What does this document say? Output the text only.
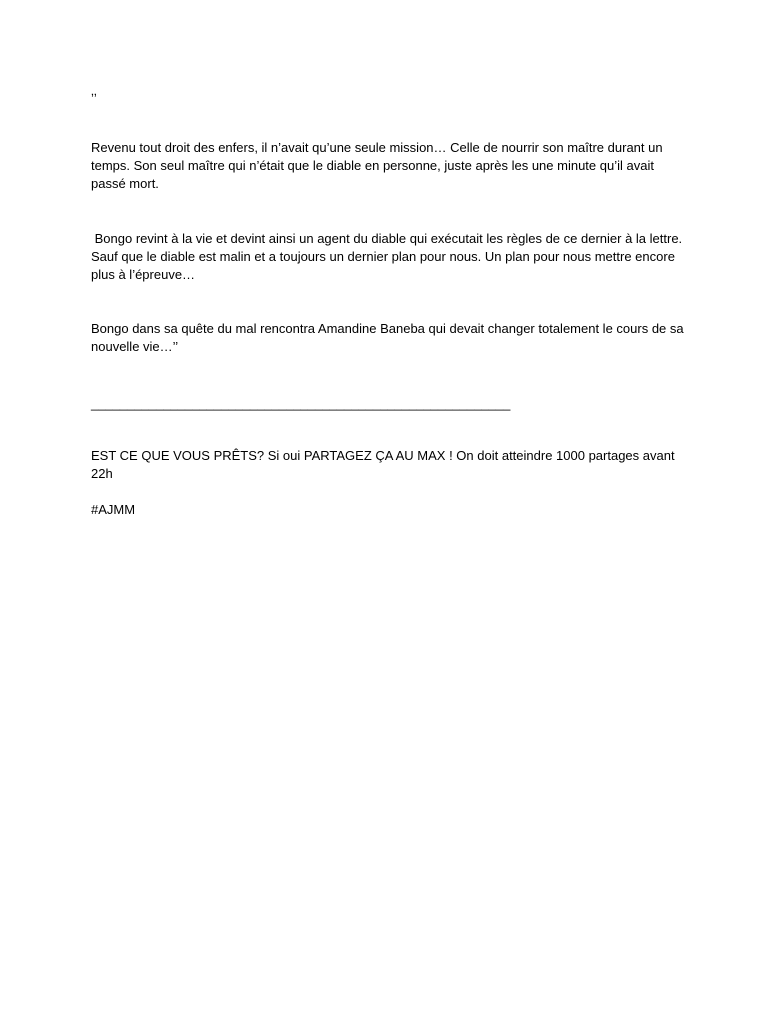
‚‚

Revenu tout droit des enfers, il n’avait qu’une seule mission… Celle de nourrir son maître durant un temps. Son seul maître qui n’était que le diable en personne, juste après les une minute qu’il avait passé mort.

Bongo revint à la vie et devint ainsi un agent du diable qui exécutait les règles de ce dernier à la lettre. Sauf que le diable est malin et a toujours un dernier plan pour nous. Un plan pour nous mettre encore plus à l’épreuve…

Bongo dans sa quête du mal rencontra Amandine Baneba qui devait changer totalement le cours de sa nouvelle vie…’’

__________________________________________________________

EST CE QUE VOUS PRÊTS? Si oui PARTAGEZ ÇA AU MAX ! On doit atteindre 1000 partages avant 22h

#AJMM
